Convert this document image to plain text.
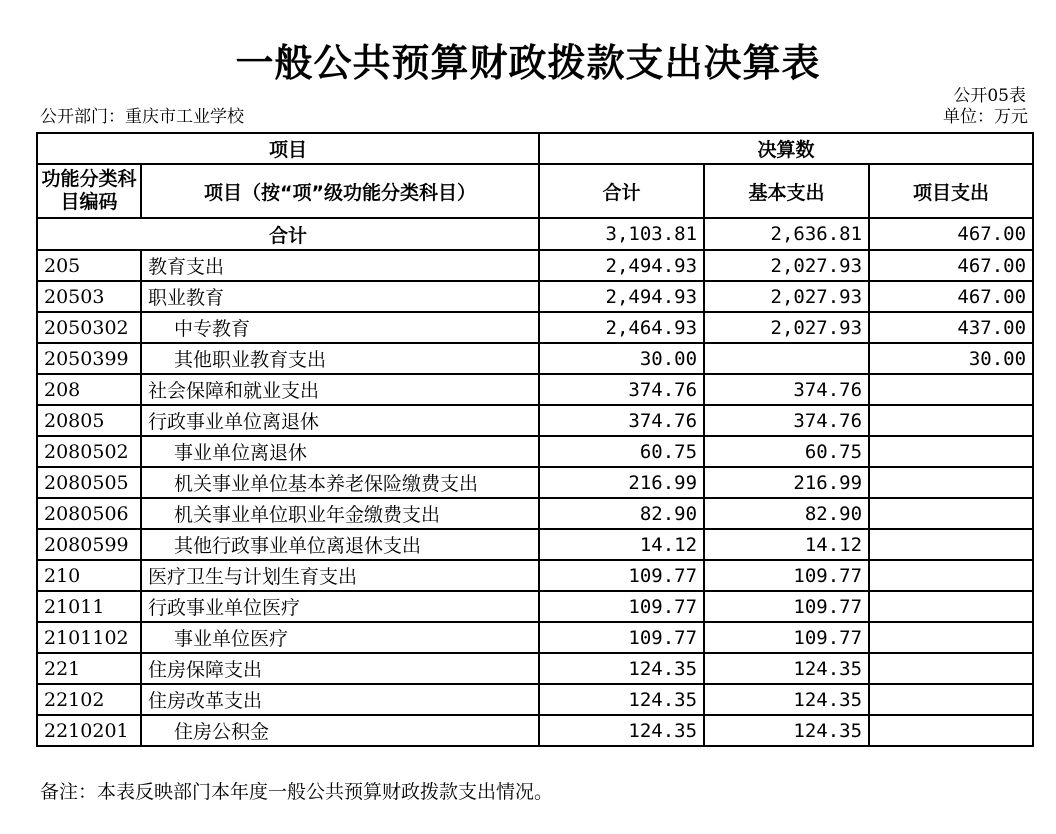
一般公共预算财政拨款支出决算表
公开05表
公开部门：重庆市工业学校	单位：万元
项目		决算数		
功能分类科目编码	项目（按“项”级功能分类科目）	合计	基本支出	项目支出
合计		3,103.81	2,636.81	467.00
205	教育支出	2,494.93	2,027.93	467.00
20503	职业教育	2,494.93	2,027.93	467.00
2050302	中专教育	2,464.93	2,027.93	437.00
2050399	其他职业教育支出	30.00		30.00
208	社会保障和就业支出	374.76	374.76	
20805	行政事业单位离退休	374.76	374.76	
2080502	事业单位离退休	60.75	60.75	
2080505	机关事业单位基本养老保险缴费支出	216.99	216.99	
2080506	机关事业单位职业年金缴费支出	82.90	82.90	
2080599	其他行政事业单位离退休支出	14.12	14.12	
210	医疗卫生与计划生育支出	109.77	109.77	
21011	行政事业单位医疗	109.77	109.77	
2101102	事业单位医疗	109.77	109.77	
221	住房保障支出	124.35	124.35	
22102	住房改革支出	124.35	124.35	
2210201	住房公积金	124.35	124.35	
备注：本表反映部门本年度一般公共预算财政拨款支出情况。
